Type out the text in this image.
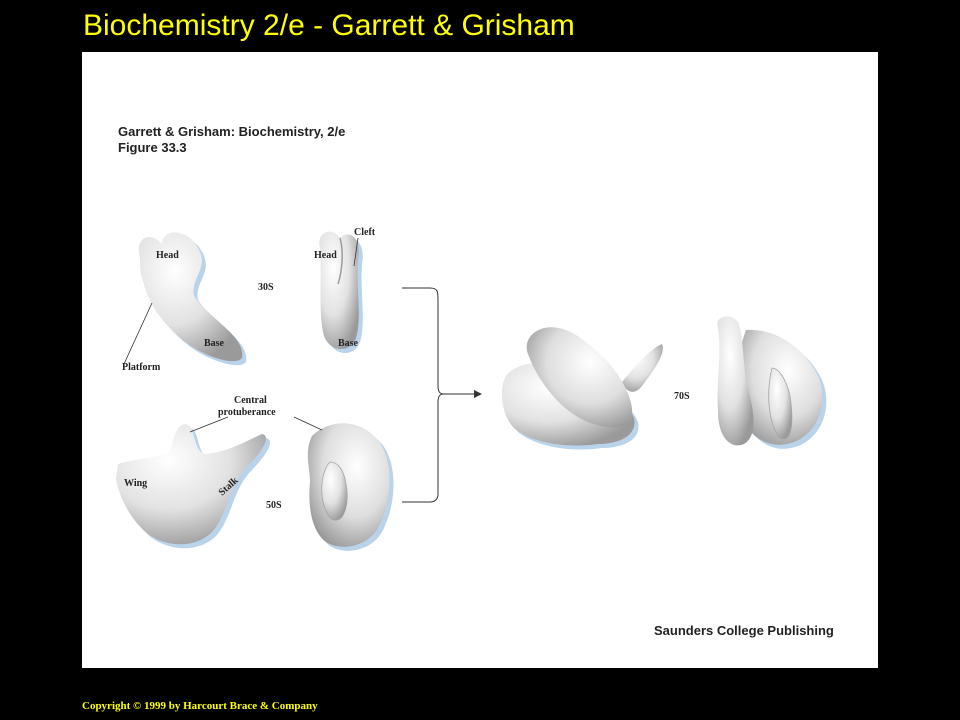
Biochemistry 2/e - Garrett & Grisham
Head	Head
Cleft
30S
Base	Base
Platform
Central
protuberance
Wing	Stalk
50S
70S
Garrett & Grisham: Biochemistry, 2/e
Figure 33.3
Saunders College Publishing
Copyright © 1999 by Harcourt Brace & Company
